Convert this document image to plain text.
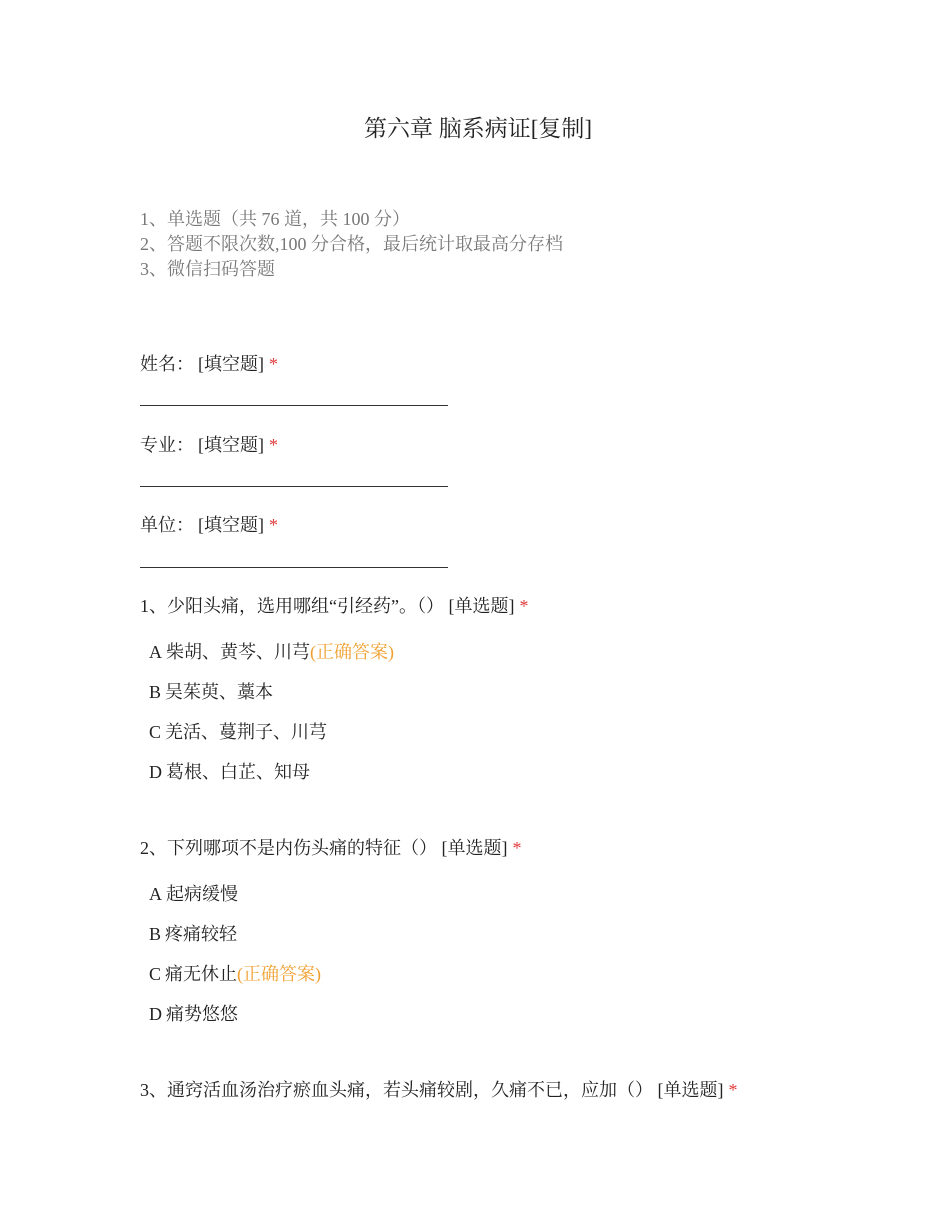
第六章 脑系病证[复制]
1、单选题（共 76 道，共 100 分）
2、答题不限次数,100 分合格，最后统计取最高分存档
3、微信扫码答题
姓名： [填空题] *
专业： [填空题] *
单位： [填空题] *
1、少阳头痛，选用哪组“引经药”。（） [单选题] *
A 柴胡、黄芩、川芎(正确答案)
B 吴茱萸、藁本
C 羌活、蔓荆子、川芎
D 葛根、白芷、知母
2、下列哪项不是内伤头痛的特征（） [单选题] *
A 起病缓慢
B 疼痛较轻
C 痛无休止(正确答案)
D 痛势悠悠
3、通窍活血汤治疗瘀血头痛，若头痛较剧，久痛不已，应加（） [单选题] *
